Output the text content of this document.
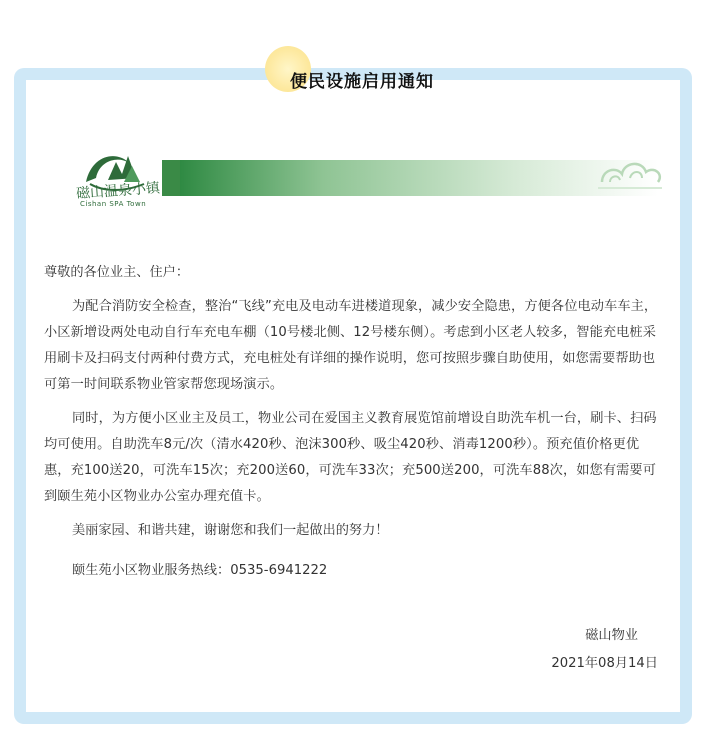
便民设施启用通知
磁山温泉小镇
Cishan SPA Town

尊敬的各位业主、住户：

为配合消防安全检查，整治“飞线”充电及电动车进楼道现象，减少安全隐患，方便各位电动车车主，小区新增设两处电动自行车充电车棚（10号楼北侧、12号楼东侧）。考虑到小区老人较多，智能充电桩采用刷卡及扫码支付两种付费方式，充电桩处有详细的操作说明，您可按照步骤自助使用，如您需要帮助也可第一时间联系物业管家帮您现场演示。

同时，为方便小区业主及员工，物业公司在爱国主义教育展览馆前增设自助洗车机一台，刷卡、扫码均可使用。自助洗车8元/次（清水420秒、泡沫300秒、吸尘420秒、消毒1200秒）。预充值价格更优惠，充100送20，可洗车15次；充200送60，可洗车33次；充500送200，可洗车88次，如您有需要可到颐生苑小区物业办公室办理充值卡。

美丽家园、和谐共建，谢谢您和我们一起做出的努力！

颐生苑小区物业服务热线：0535-6941222

磁山物业
2021年08月14日
